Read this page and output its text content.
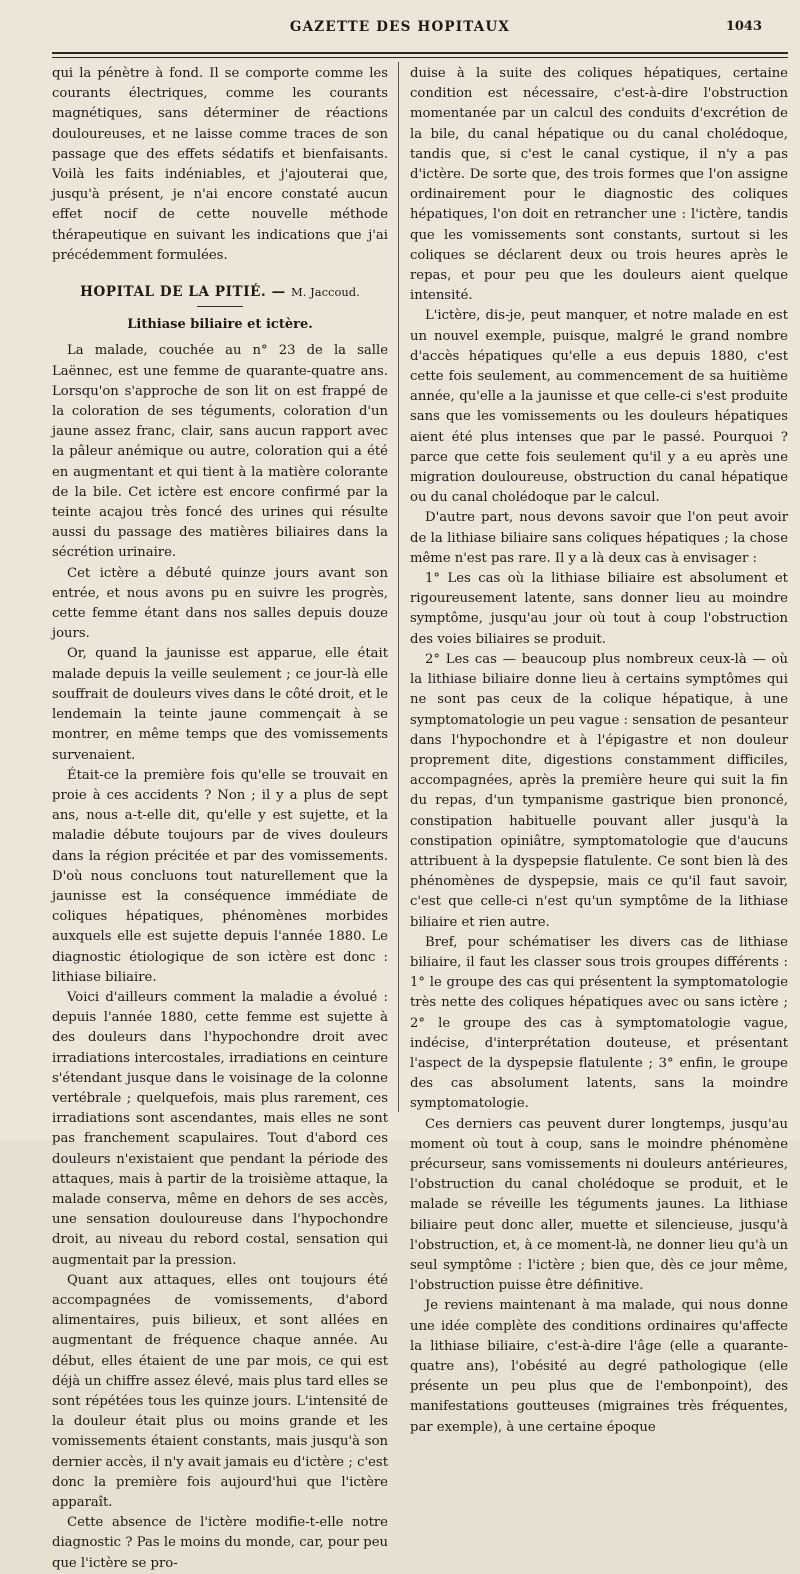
GAZETTE DES HOPITAUX	1043

qui la pénètre à fond. Il se comporte comme les courants électriques, comme les courants magnétiques, sans déterminer de réactions douloureuses, et ne laisse comme traces de son passage que des effets sédatifs et bienfaisants. Voilà les faits indéniables, et j'ajouterai que, jusqu'à présent, je n'ai encore constaté aucun effet nocif de cette nouvelle méthode thérapeutique en suivant les indications que j'ai précédemment formulées.

HOPITAL DE LA PITIÉ. — M. Jaccoud.
Lithiase biliaire et ictère.

La malade, couchée au n° 23 de la salle Laënnec, est une femme de quarante-quatre ans. Lorsqu'on s'approche de son lit on est frappé de la coloration de ses téguments, coloration d'un jaune assez franc, clair, sans aucun rapport avec la pâleur anémique ou autre, coloration qui a été en augmentant et qui tient à la matière colorante de la bile. Cet ictère est encore confirmé par la teinte acajou très foncé des urines qui résulte aussi du passage des matières biliaires dans la sécrétion urinaire.

Cet ictère a débuté quinze jours avant son entrée, et nous avons pu en suivre les progrès, cette femme étant dans nos salles depuis douze jours.

Or, quand la jaunisse est apparue, elle était malade depuis la veille seulement ; ce jour-là elle souffrait de douleurs vives dans le côté droit, et le lendemain la teinte jaune commençait à se montrer, en même temps que des vomissements survenaient.

Était-ce la première fois qu'elle se trouvait en proie à ces accidents ? Non ; il y a plus de sept ans, nous a-t-elle dit, qu'elle y est sujette, et la maladie débute toujours par de vives douleurs dans la région précitée et par des vomissements. D'où nous concluons tout naturellement que la jaunisse est la conséquence immédiate de coliques hépatiques, phénomènes morbides auxquels elle est sujette depuis l'année 1880. Le diagnostic étiologique de son ictère est donc : lithiase biliaire.

Voici d'ailleurs comment la maladie a évolué : depuis l'année 1880, cette femme est sujette à des douleurs dans l'hypochondre droit avec irradiations intercostales, irradiations en ceinture s'étendant jusque dans le voisinage de la colonne vertébrale ; quelquefois, mais plus rarement, ces irradiations sont ascendantes, mais elles ne sont pas franchement scapulaires. Tout d'abord ces douleurs n'existaient que pendant la période des attaques, mais à partir de la troisième attaque, la malade conserva, même en dehors de ses accès, une sensation douloureuse dans l'hypochondre droit, au niveau du rebord costal, sensation qui augmentait par la pression.

Quant aux attaques, elles ont toujours été accompagnées de vomissements, d'abord alimentaires, puis bilieux, et sont allées en augmentant de fréquence chaque année. Au début, elles étaient de une par mois, ce qui est déjà un chiffre assez élevé, mais plus tard elles se sont répétées tous les quinze jours. L'intensité de la douleur était plus ou moins grande et les vomissements étaient constants, mais jusqu'à son dernier accès, il n'y avait jamais eu d'ictère ; c'est donc la première fois aujourd'hui que l'ictère apparaît.

Cette absence de l'ictère modifie-t-elle notre diagnostic ? Pas le moins du monde, car, pour peu que l'ictère se pro-

duise à la suite des coliques hépatiques, certaine condition est nécessaire, c'est-à-dire l'obstruction momentanée par un calcul des conduits d'excrétion de la bile, du canal hépatique ou du canal cholédoque, tandis que, si c'est le canal cystique, il n'y a pas d'ictère. De sorte que, des trois formes que l'on assigne ordinairement pour le diagnostic des coliques hépatiques, l'on doit en retrancher une : l'ictère, tandis que les vomissements sont constants, surtout si les coliques se déclarent deux ou trois heures après le repas, et pour peu que les douleurs aient quelque intensité.

L'ictère, dis-je, peut manquer, et notre malade en est un nouvel exemple, puisque, malgré le grand nombre d'accès hépatiques qu'elle a eus depuis 1880, c'est cette fois seulement, au commencement de sa huitième année, qu'elle a la jaunisse et que celle-ci s'est produite sans que les vomissements ou les douleurs hépatiques aient été plus intenses que par le passé. Pourquoi ? parce que cette fois seulement qu'il y a eu après une migration douloureuse, obstruction du canal hépatique ou du canal cholédoque par le calcul.

D'autre part, nous devons savoir que l'on peut avoir de la lithiase biliaire sans coliques hépatiques ; la chose même n'est pas rare. Il y a là deux cas à envisager :

1° Les cas où la lithiase biliaire est absolument et rigoureusement latente, sans donner lieu au moindre symptôme, jusqu'au jour où tout à coup l'obstruction des voies biliaires se produit.

2° Les cas — beaucoup plus nombreux ceux-là — où la lithiase biliaire donne lieu à certains symptômes qui ne sont pas ceux de la colique hépatique, à une symptomatologie un peu vague : sensation de pesanteur dans l'hypochondre et à l'épigastre et non douleur proprement dite, digestions constamment difficiles, accompagnées, après la première heure qui suit la fin du repas, d'un tympanisme gastrique bien prononcé, constipation habituelle pouvant aller jusqu'à la constipation opiniâtre, symptomatologie que d'aucuns attribuent à la dyspepsie flatulente. Ce sont bien là des phénomènes de dyspepsie, mais ce qu'il faut savoir, c'est que celle-ci n'est qu'un symptôme de la lithiase biliaire et rien autre.

Bref, pour schématiser les divers cas de lithiase biliaire, il faut les classer sous trois groupes différents : 1° le groupe des cas qui présentent la symptomatologie très nette des coliques hépatiques avec ou sans ictère ; 2° le groupe des cas à symptomatologie vague, indécise, d'interprétation douteuse, et présentant l'aspect de la dyspepsie flatulente ; 3° enfin, le groupe des cas absolument latents, sans la moindre symptomatologie.

Ces derniers cas peuvent durer longtemps, jusqu'au moment où tout à coup, sans le moindre phénomène précurseur, sans vomissements ni douleurs antérieures, l'obstruction du canal cholédoque se produit, et le malade se réveille les téguments jaunes. La lithiase biliaire peut donc aller, muette et silencieuse, jusqu'à l'obstruction, et, à ce moment-là, ne donner lieu qu'à un seul symptôme : l'ictère ; bien que, dès ce jour même, l'obstruction puisse être définitive.

Je reviens maintenant à ma malade, qui nous donne une idée complète des conditions ordinaires qu'affecte la lithiase biliaire, c'est-à-dire l'âge (elle a quarante-quatre ans), l'obésité au degré pathologique (elle présente un peu plus que de l'embonpoint), des manifestations goutteuses (migraines très fréquentes, par exemple), à une certaine époque
